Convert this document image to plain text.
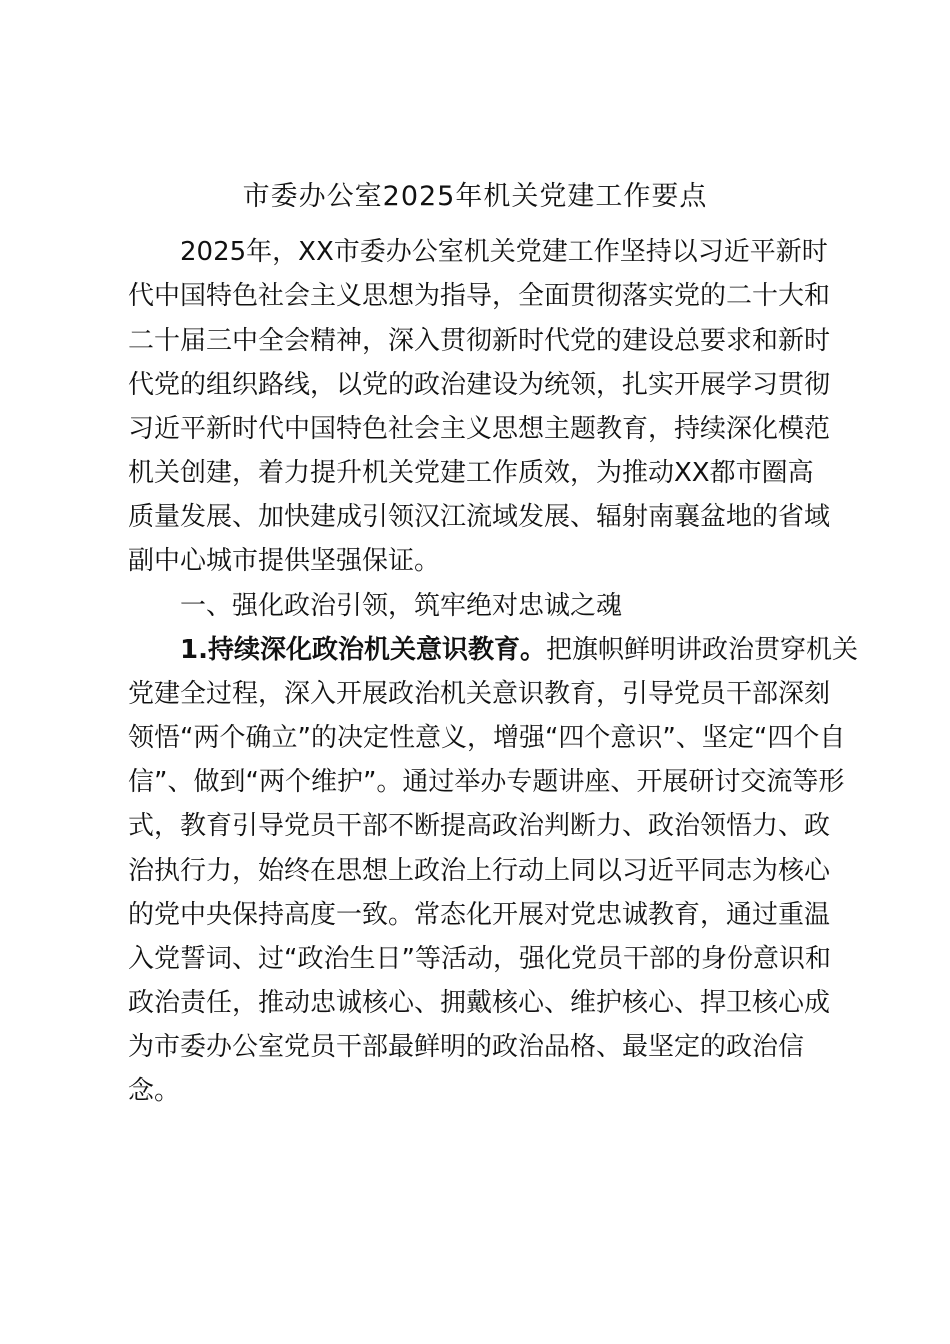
市委办公室2025年机关党建工作要点
2025年，XX市委办公室机关党建工作坚持以习近平新时
代中国特色社会主义思想为指导，全面贯彻落实党的二十大和
二十届三中全会精神，深入贯彻新时代党的建设总要求和新时
代党的组织路线，以党的政治建设为统领，扎实开展学习贯彻
习近平新时代中国特色社会主义思想主题教育，持续深化模范
机关创建，着力提升机关党建工作质效，为推动XX都市圈高
质量发展、加快建成引领汉江流域发展、辐射南襄盆地的省域
副中心城市提供坚强保证。
一、强化政治引领，筑牢绝对忠诚之魂
1.持续深化政治机关意识教育。把旗帜鲜明讲政治贯穿机关
党建全过程，深入开展政治机关意识教育，引导党员干部深刻
领悟“两个确立”的决定性意义，增强“四个意识”、坚定“四个自
信”、做到“两个维护”。通过举办专题讲座、开展研讨交流等形
式，教育引导党员干部不断提高政治判断力、政治领悟力、政
治执行力，始终在思想上政治上行动上同以习近平同志为核心
的党中央保持高度一致。常态化开展对党忠诚教育，通过重温
入党誓词、过“政治生日”等活动，强化党员干部的身份意识和
政治责任，推动忠诚核心、拥戴核心、维护核心、捍卫核心成
为市委办公室党员干部最鲜明的政治品格、最坚定的政治信
念。
